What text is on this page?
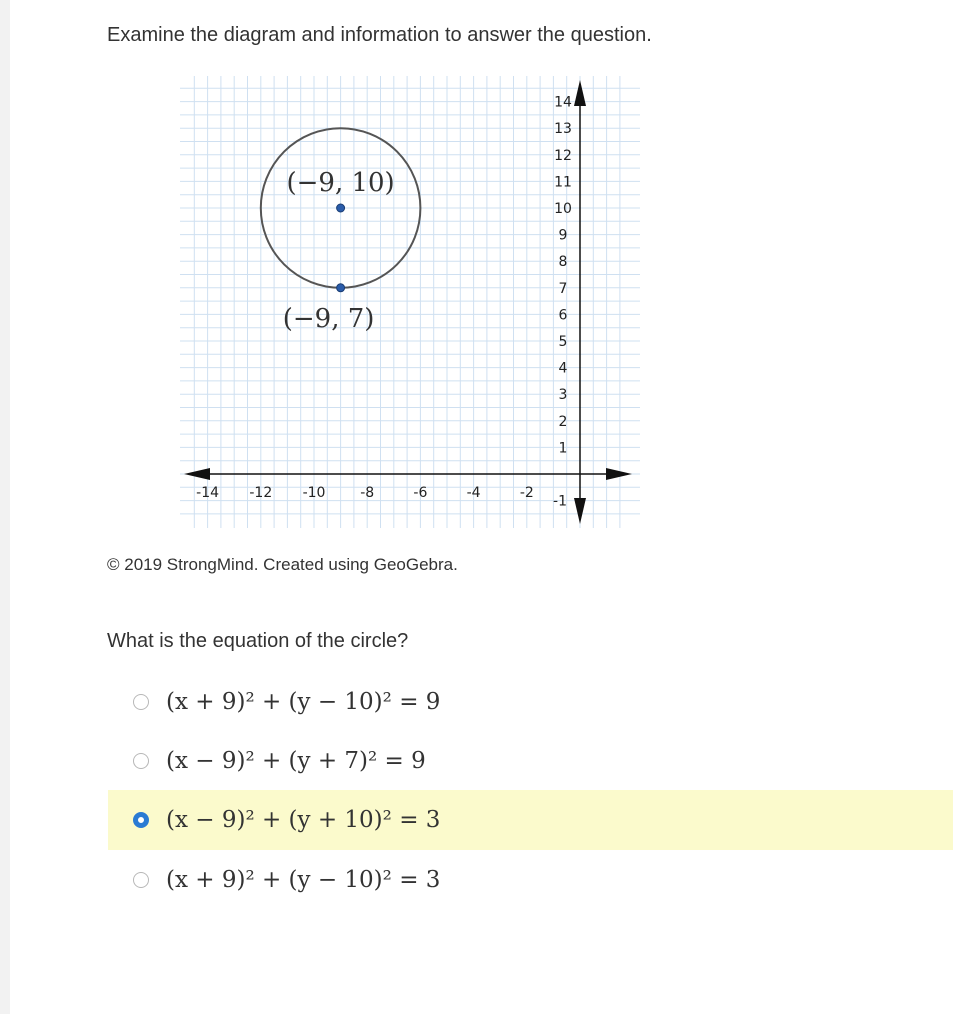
Examine the diagram and information to answer the question.
-14 -12 -10 -8	-6	-4	-2
14
13
12
11
10
9
8
7
6
5
4
3
2
1
-1
(−9, 10)
(−9, 7)
© 2019 StrongMind. Created using GeoGebra.
What is the equation of the circle?
(x + 9)² + (y − 10)² = 9
(x − 9)² + (y + 7)² = 9
(x − 9)² + (y + 10)² = 3
(x + 9)² + (y − 10)² = 3
